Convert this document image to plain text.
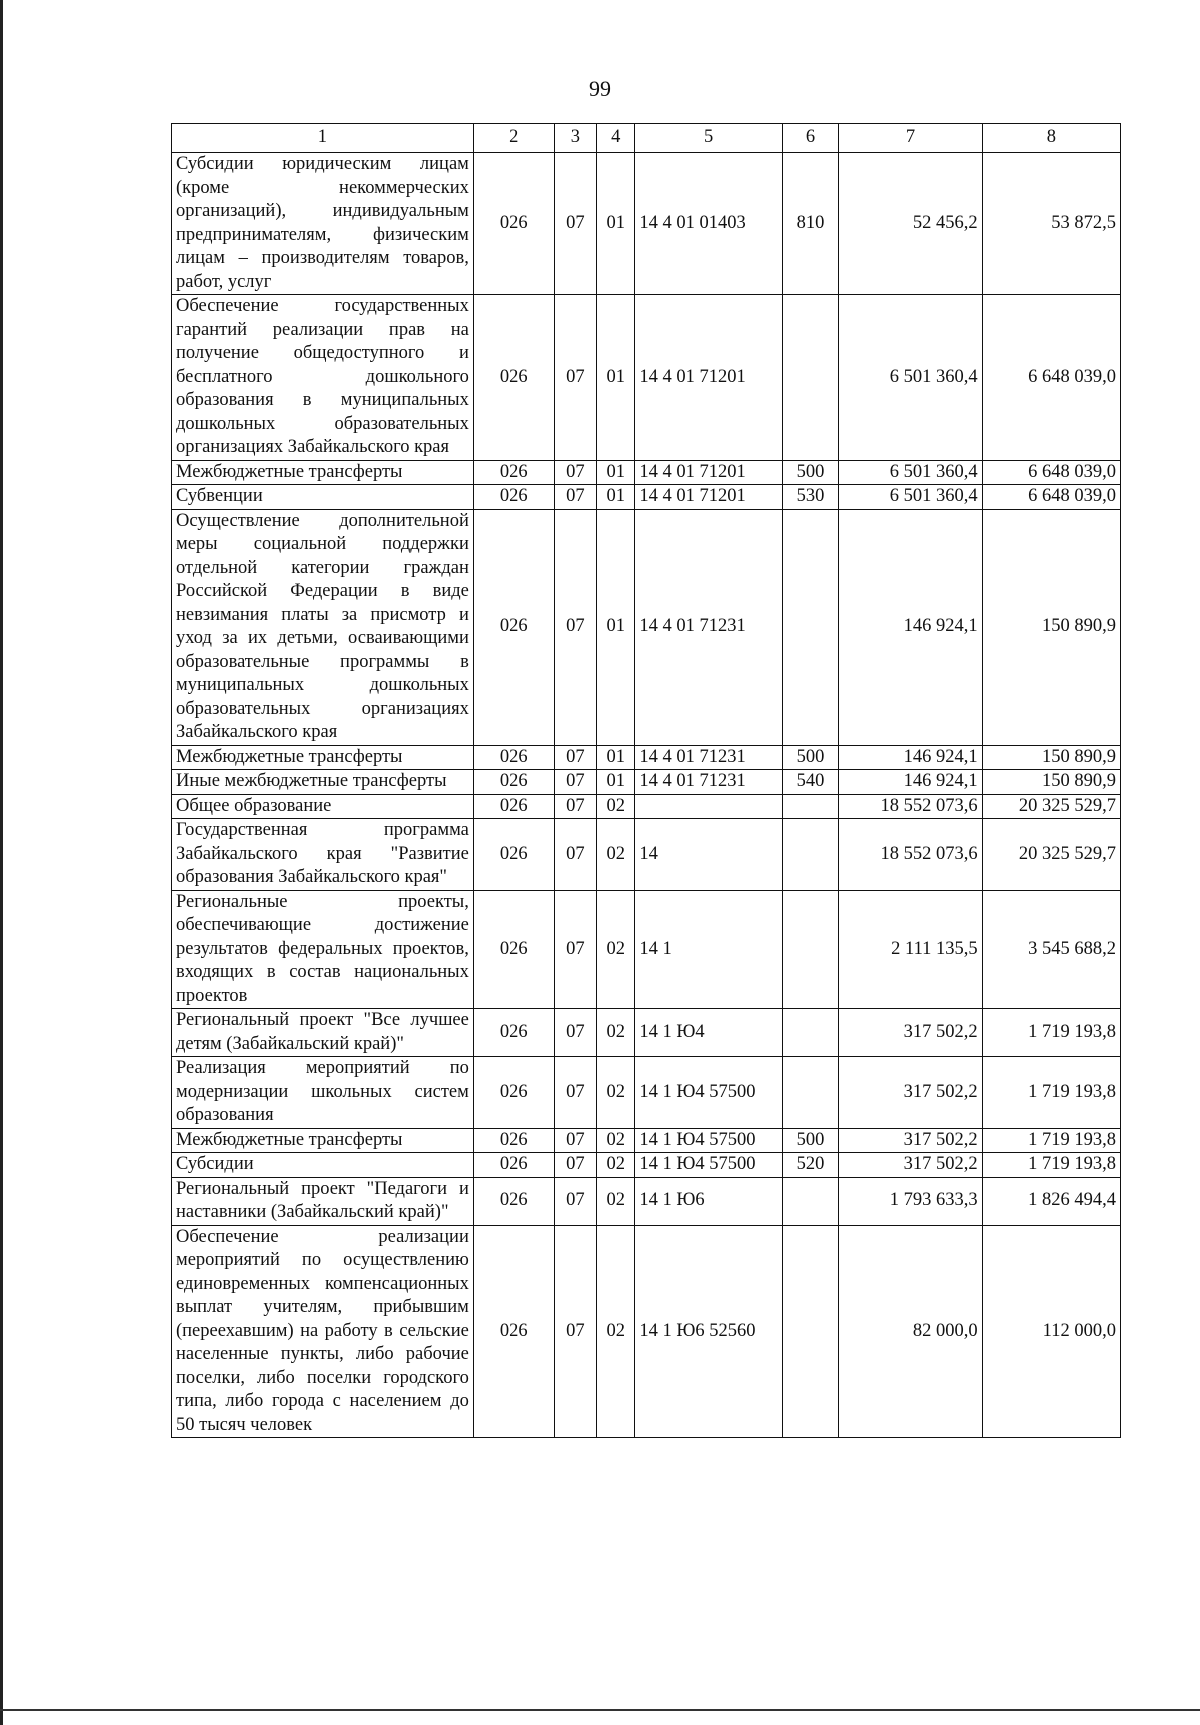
99
1	2	3	4	5	6	7	8
Субсидии юридическим лицам (кроме некоммерческих организаций), индивидуальным предпринимателям, физическим лицам – производителям товаров, работ, услуг	026	07	01	14 4 01 01403	810	52 456,2	53 872,5
Обеспечение государственных гарантий реализации прав на получение общедоступного и бесплатного дошкольного образования в муниципальных дошкольных образовательных организациях Забайкальского края	026	07	01	14 4 01 71201		6 501 360,4	6 648 039,0
Межбюджетные трансферты	026	07	01	14 4 01 71201	500	6 501 360,4	6 648 039,0
Субвенции	026	07	01	14 4 01 71201	530	6 501 360,4	6 648 039,0
Осуществление дополнительной меры социальной поддержки отдельной категории граждан Российской Федерации в виде невзимания платы за присмотр и уход за их детьми, осваивающими образовательные программы в муниципальных дошкольных образовательных организациях Забайкальского края	026	07	01	14 4 01 71231		146 924,1	150 890,9
Межбюджетные трансферты	026	07	01	14 4 01 71231	500	146 924,1	150 890,9
Иные межбюджетные трансферты	026	07	01	14 4 01 71231	540	146 924,1	150 890,9
Общее образование	026	07	02			18 552 073,6	20 325 529,7
Государственная программа Забайкальского края "Развитие образования Забайкальского края"	026	07	02	14		18 552 073,6	20 325 529,7
Региональные проекты, обеспечивающие достижение результатов федеральных проектов, входящих в состав национальных проектов	026	07	02	14 1		2 111 135,5	3 545 688,2
Региональный проект "Все лучшее детям (Забайкальский край)"	026	07	02	14 1 Ю4		317 502,2	1 719 193,8
Реализация мероприятий по модернизации школьных систем образования	026	07	02	14 1 Ю4 57500		317 502,2	1 719 193,8
Межбюджетные трансферты	026	07	02	14 1 Ю4 57500	500	317 502,2	1 719 193,8
Субсидии	026	07	02	14 1 Ю4 57500	520	317 502,2	1 719 193,8
Региональный проект "Педагоги и наставники (Забайкальский край)"	026	07	02	14 1 Ю6		1 793 633,3	1 826 494,4
Обеспечение реализации мероприятий по осуществлению единовременных компенсационных выплат учителям, прибывшим (переехавшим) на работу в сельские населенные пункты, либо рабочие поселки, либо поселки городского типа, либо города с населением до 50 тысяч человек	026	07	02	14 1 Ю6 52560		82 000,0	112 000,0
